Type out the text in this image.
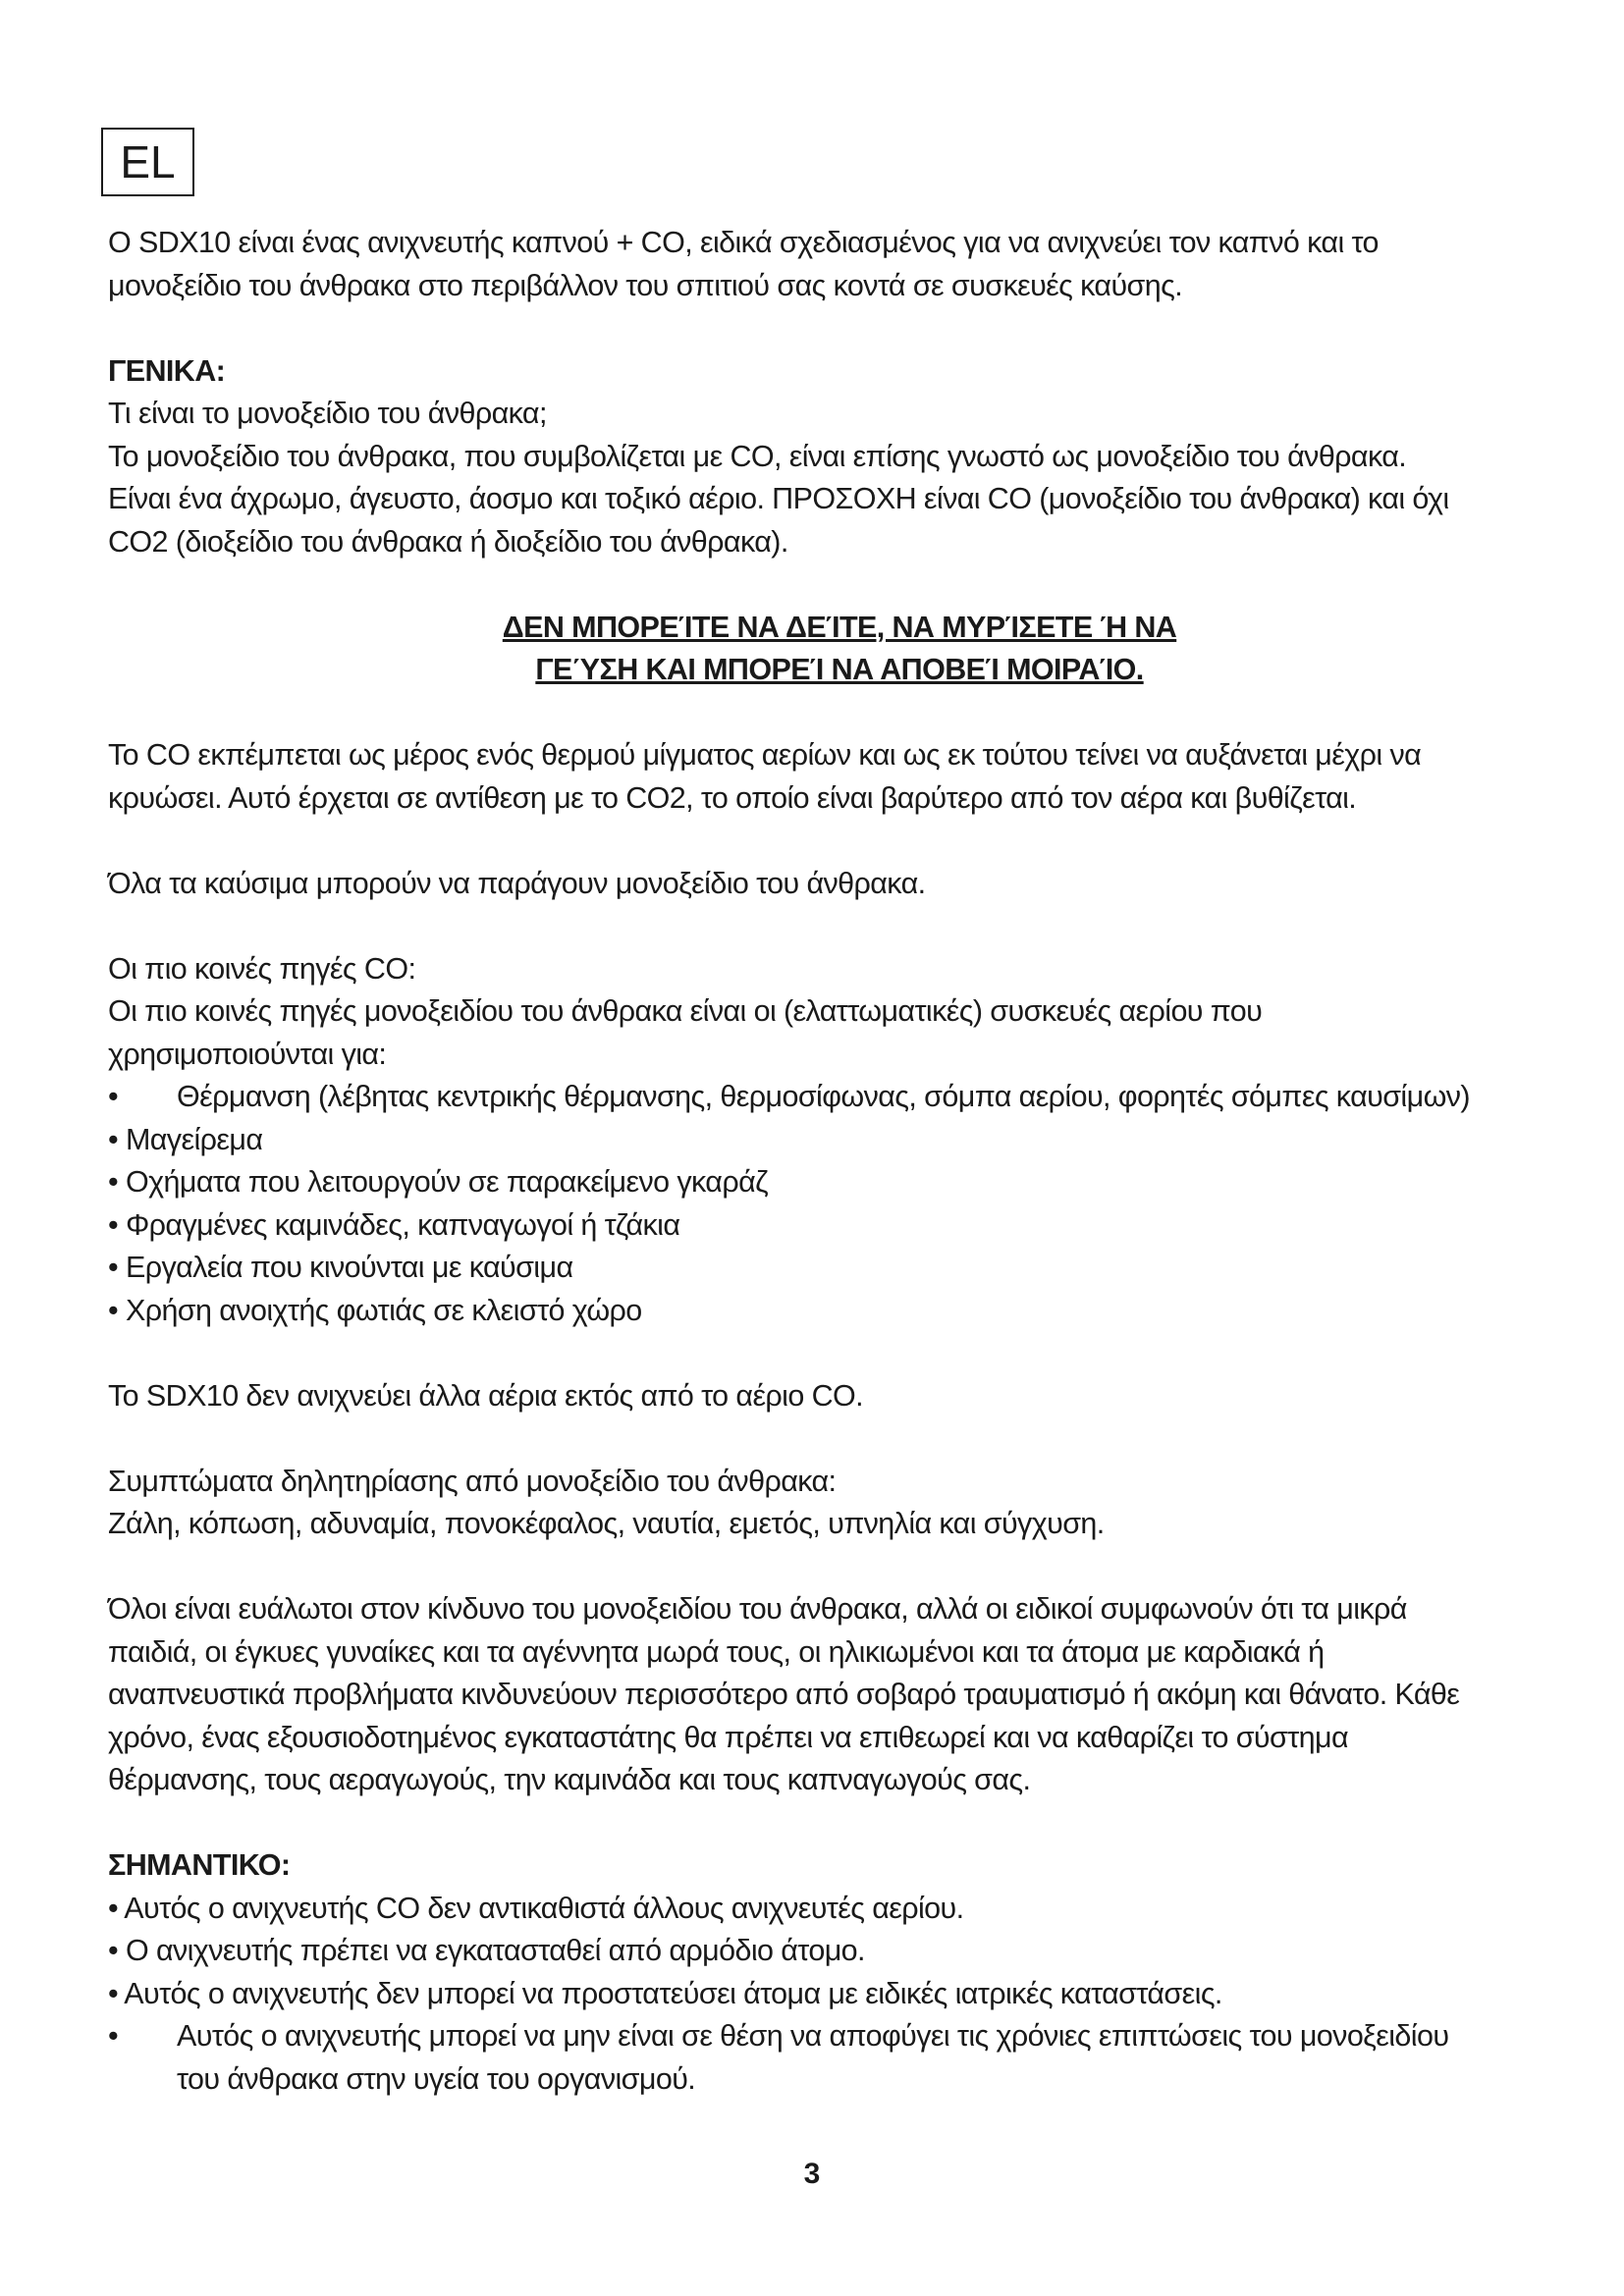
EL

Ο SDX10 είναι ένας ανιχνευτής καπνού + CO, ειδικά σχεδιασμένος για να ανιχνεύει τον καπνό και το

μονοξείδιο του άνθρακα στο περιβάλλον του σπιτιού σας κοντά σε συσκευές καύσης.

ΓΕΝΙΚΑ:

Τι είναι το μονοξείδιο του άνθρακα;

Το μονοξείδιο του άνθρακα, που συμβολίζεται με CO, είναι επίσης γνωστό ως μονοξείδιο του άνθρακα.

Είναι ένα άχρωμο, άγευστο, άοσμο και τοξικό αέριο. ΠΡΟΣΟΧΗ είναι CO (μονοξείδιο του άνθρακα) και όχι

CO2 (διοξείδιο του άνθρακα ή διοξείδιο του άνθρακα).

ΔΕΝ ΜΠΟΡΕΊΤΕ ΝΑ ΔΕΊΤΕ, ΝΑ ΜΥΡΊΣΕΤΕ Ή ΝΑ

ΓΕΎΣΗ ΚΑΙ ΜΠΟΡΕΊ ΝΑ ΑΠΟΒΕΊ ΜΟΙΡΑΊΟ.

Το CO εκπέμπεται ως μέρος ενός θερμού μίγματος αερίων και ως εκ τούτου τείνει να αυξάνεται μέχρι να

κρυώσει. Αυτό έρχεται σε αντίθεση με το CO2, το οποίο είναι βαρύτερο από τον αέρα και βυθίζεται.

Όλα τα καύσιμα μπορούν να παράγουν μονοξείδιο του άνθρακα.

Οι πιο κοινές πηγές CO:

Οι πιο κοινές πηγές μονοξειδίου του άνθρακα είναι οι (ελαττωματικές) συσκευές αερίου που

χρησιμοποιούνται για:

•	Θέρμανση (λέβητας κεντρικής θέρμανσης, θερμοσίφωνας, σόμπα αερίου, φορητές σόμπες καυσίμων)

• Μαγείρεμα

• Οχήματα που λειτουργούν σε παρακείμενο γκαράζ

• Φραγμένες καμινάδες, καπναγωγοί ή τζάκια

• Εργαλεία που κινούνται με καύσιμα

• Χρήση ανοιχτής φωτιάς σε κλειστό χώρο

Το SDX10 δεν ανιχνεύει άλλα αέρια εκτός από το αέριο CO.

Συμπτώματα δηλητηρίασης από μονοξείδιο του άνθρακα:

Ζάλη, κόπωση, αδυναμία, πονοκέφαλος, ναυτία, εμετός, υπνηλία και σύγχυση.

Όλοι είναι ευάλωτοι στον κίνδυνο του μονοξειδίου του άνθρακα, αλλά οι ειδικοί συμφωνούν ότι τα μικρά

παιδιά, οι έγκυες γυναίκες και τα αγέννητα μωρά τους, οι ηλικιωμένοι και τα άτομα με καρδιακά ή

αναπνευστικά προβλήματα κινδυνεύουν περισσότερο από σοβαρό τραυματισμό ή ακόμη και θάνατο. Κάθε

χρόνο, ένας εξουσιοδοτημένος εγκαταστάτης θα πρέπει να επιθεωρεί και να καθαρίζει το σύστημα

θέρμανσης, τους αεραγωγούς, την καμινάδα και τους καπναγωγούς σας.

ΣΗΜΑΝΤΙΚΟ:

• Αυτός ο ανιχνευτής CO δεν αντικαθιστά άλλους ανιχνευτές αερίου.

• Ο ανιχνευτής πρέπει να εγκατασταθεί από αρμόδιο άτομο.

• Αυτός ο ανιχνευτής δεν μπορεί να προστατεύσει άτομα με ειδικές ιατρικές καταστάσεις.

•	Αυτός ο ανιχνευτής μπορεί να μην είναι σε θέση να αποφύγει τις χρόνιες επιπτώσεις του μονοξειδίου
του άνθρακα στην υγεία του οργανισμού.
3
